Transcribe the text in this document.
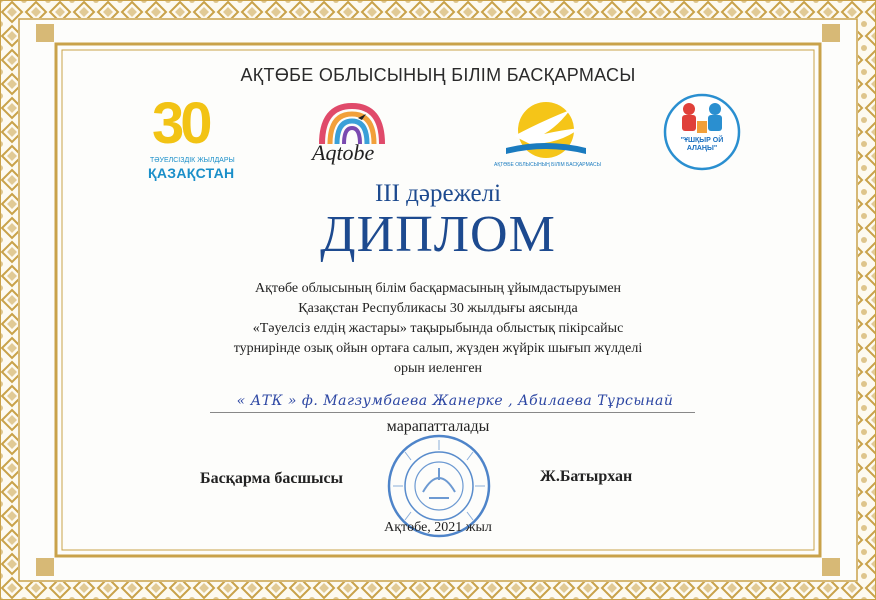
АҚТӨБЕ ОБЛЫСЫНЫҢ БІЛІМ БАСҚАРМАСЫ
30
ТӘУЕЛСІЗДІК ЖЫЛДАРЫ
ҚАЗАҚСТАН
Aqtobe	АҚТӨБЕ ОБЛЫСЫНЫҢ БІЛІМ БАСҚАРМАСЫ
"ҰШҚЫР ОЙ
АЛАҢЫ"
III дәрежелі
ДИПЛОМ
Ақтөбе облысының білім басқармасының ұйымдастыруымен
Қазақстан Республикасы 30 жылдығы аясында
«Тәуелсіз елдің жастары» тақырыбында облыстық пікірсайыс
турнирінде озық ойын ортаға салып, жүзден жүйрік шығып жүлделі
орын иеленген
« АТК » ф. Магзумбаева Жанерке , Абилаева Тұрсынай
марапатталады
Басқарма басшысы	Ж.Батырхан
Ақтөбе, 2021 жыл
